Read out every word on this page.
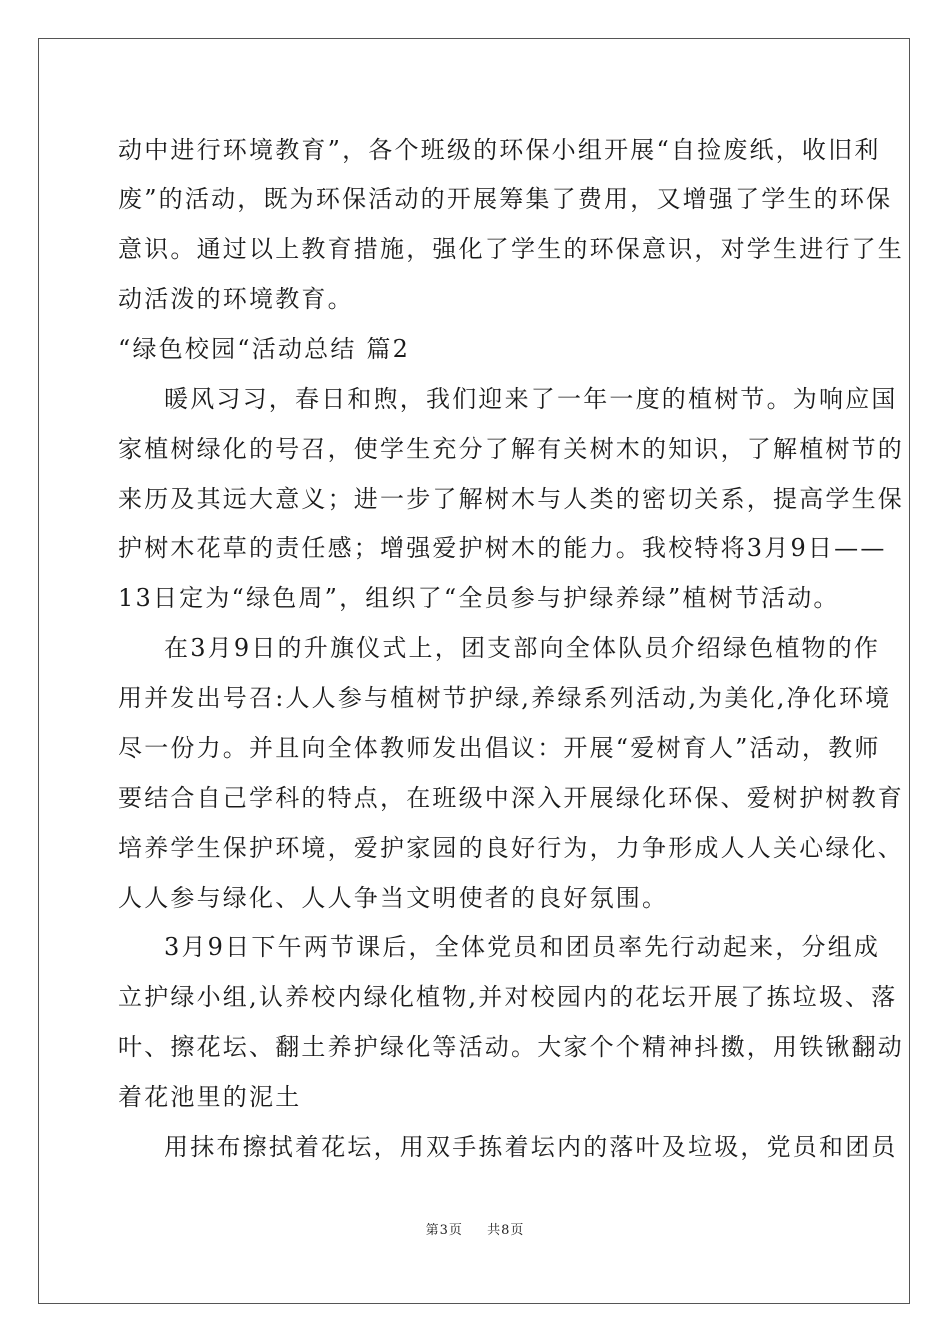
动中进行环境教育”，各个班级的环保小组开展“自捡废纸，收旧利

废”的活动，既为环保活动的开展筹集了费用，又增强了学生的环保

意识。通过以上教育措施，强化了学生的环保意识，对学生进行了生

动活泼的环境教育。

“绿色校园“活动总结 篇2

暖风习习，春日和煦，我们迎来了一年一度的植树节。为响应国

家植树绿化的号召，使学生充分了解有关树木的知识，了解植树节的

来历及其远大意义；进一步了解树木与人类的密切关系，提高学生保

护树木花草的责任感；增强爱护树木的能力。我校特将3月9日——

13日定为“绿色周”，组织了“全员参与护绿养绿”植树节活动。

在3月9日的升旗仪式上，团支部向全体队员介绍绿色植物的作

用并发出号召:人人参与植树节护绿,养绿系列活动,为美化,净化环境

尽一份力。并且向全体教师发出倡议：开展“爱树育人”活动，教师

要结合自己学科的特点，在班级中深入开展绿化环保、爱树护树教育

培养学生保护环境，爱护家园的良好行为，力争形成人人关心绿化、

人人参与绿化、人人争当文明使者的良好氛围。

3月9日下午两节课后，全体党员和团员率先行动起来，分组成

立护绿小组,认养校内绿化植物,并对校园内的花坛开展了拣垃圾、落

叶、擦花坛、翻土养护绿化等活动。大家个个精神抖擞，用铁锹翻动

着花池里的泥土

用抹布擦拭着花坛，用双手拣着坛内的落叶及垃圾，党员和团员

第3页 共8页
